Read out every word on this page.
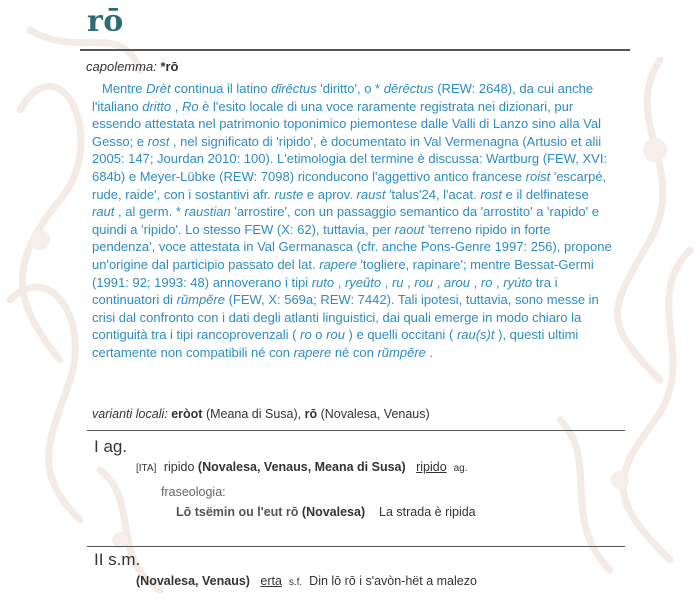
rō
capolemma: *rō
Mentre Drèt continua il latino dīrēctus 'diritto', o * dērēctus (REW: 2648), da cui anche l'italiano dritto , Ro è l'esito locale di una voce raramente registrata nei dizionari, pur essendo attestata nel patrimonio toponimico piemontese dalle Valli di Lanzo sino alla Val Gesso; e rost , nel significato di 'ripido', è documentato in Val Vermenagna (Artusio et alii 2005: 147; Jourdan 2010: 100). L'etimologia del termine è discussa: Wartburg (FEW, XVI: 684b) e Meyer-Lübke (REW: 7098) riconducono l'aggettivo antico francese roist 'escarpé, rude, raide', con i sostantivi afr. ruste e aprov. raust 'talus'24, l'acat. rost e il delfinatese raut , al germ. * raustian 'arrostire', con un passaggio semantico da 'arrostito' a 'rapido' e quindi a 'ripido'. Lo stesso FEW (X: 62), tuttavia, per raout 'terreno ripido in forte pendenza', voce attestata in Val Germanasca (cfr. anche Pons-Genre 1997: 256), propone un'origine dal participio passato del lat. rapere 'togliere, rapinare'; mentre Bessat-Germi (1991: 92; 1993: 48) annoverano i tipi ruto , ryeûto , ru , rou , arou , ro , ryúto tra i continuatori di rŭmpĕre (FEW, X: 569a; REW: 7442). Tali ipotesi, tuttavia, sono messe in crisi dal confronto con i dati degli atlanti linguistici, dai quali emerge in modo chiaro la contiguità tra i tipi rancoprovenzali ( ro o rou ) e quelli occitani ( rau(s)t ), questi ultimi certamente non compatibili né con rapere né con rŭmpĕre .
varianti locali: eròot (Meana di Susa), rō (Novalesa, Venaus)
I ag.
[ITA] ripido (Novalesa, Venaus, Meana di Susa) ripido ag.
fraseologia:
Lō tsëmin ou l'eut rō (Novalesa) La strada è ripida
II s.m.
(Novalesa, Venaus) erta s.f. Din lō rō i s'avòn-hët a malezo
